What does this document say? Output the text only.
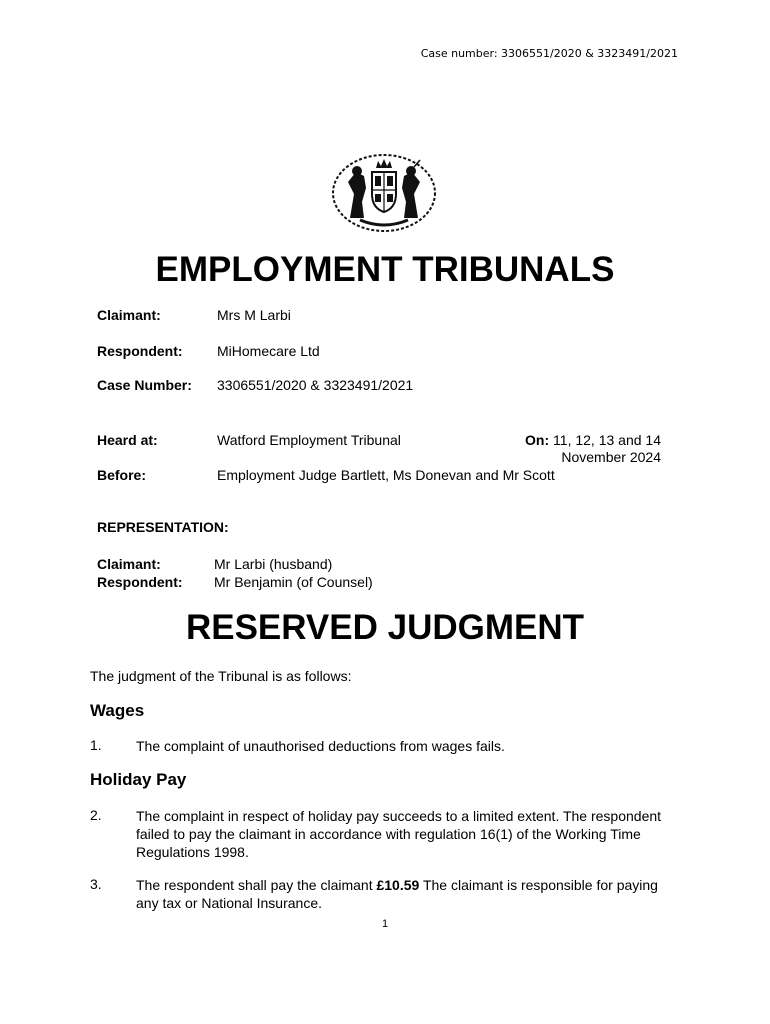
Case number: 3306551/2020 & 3323491/2021

EMPLOYMENT TRIBUNALS
Claimant:	Mrs M Larbi
Respondent: MiHomecare Ltd
Case Number: 3306551/2020 & 3323491/2021
Heard at:	Watford Employment Tribunal	On: 11, 12, 13 and 14
November 2024
Before:	Employment Judge Bartlett, Ms Donevan and Mr Scott
REPRESENTATION:
Claimant:	Mr Larbi (husband)
Respondent: Mr Benjamin (of Counsel)
RESERVED JUDGMENT

The judgment of the Tribunal is as follows:

Wages
1. The complaint of unauthorised deductions from wages fails.

Holiday Pay
2. The complaint in respect of holiday pay succeeds to a limited extent. The respondent failed to pay the claimant in accordance with regulation 16(1) of the Working Time Regulations 1998.

3. The respondent shall pay the claimant £10.59 The claimant is responsible for paying any tax or National Insurance.

1
